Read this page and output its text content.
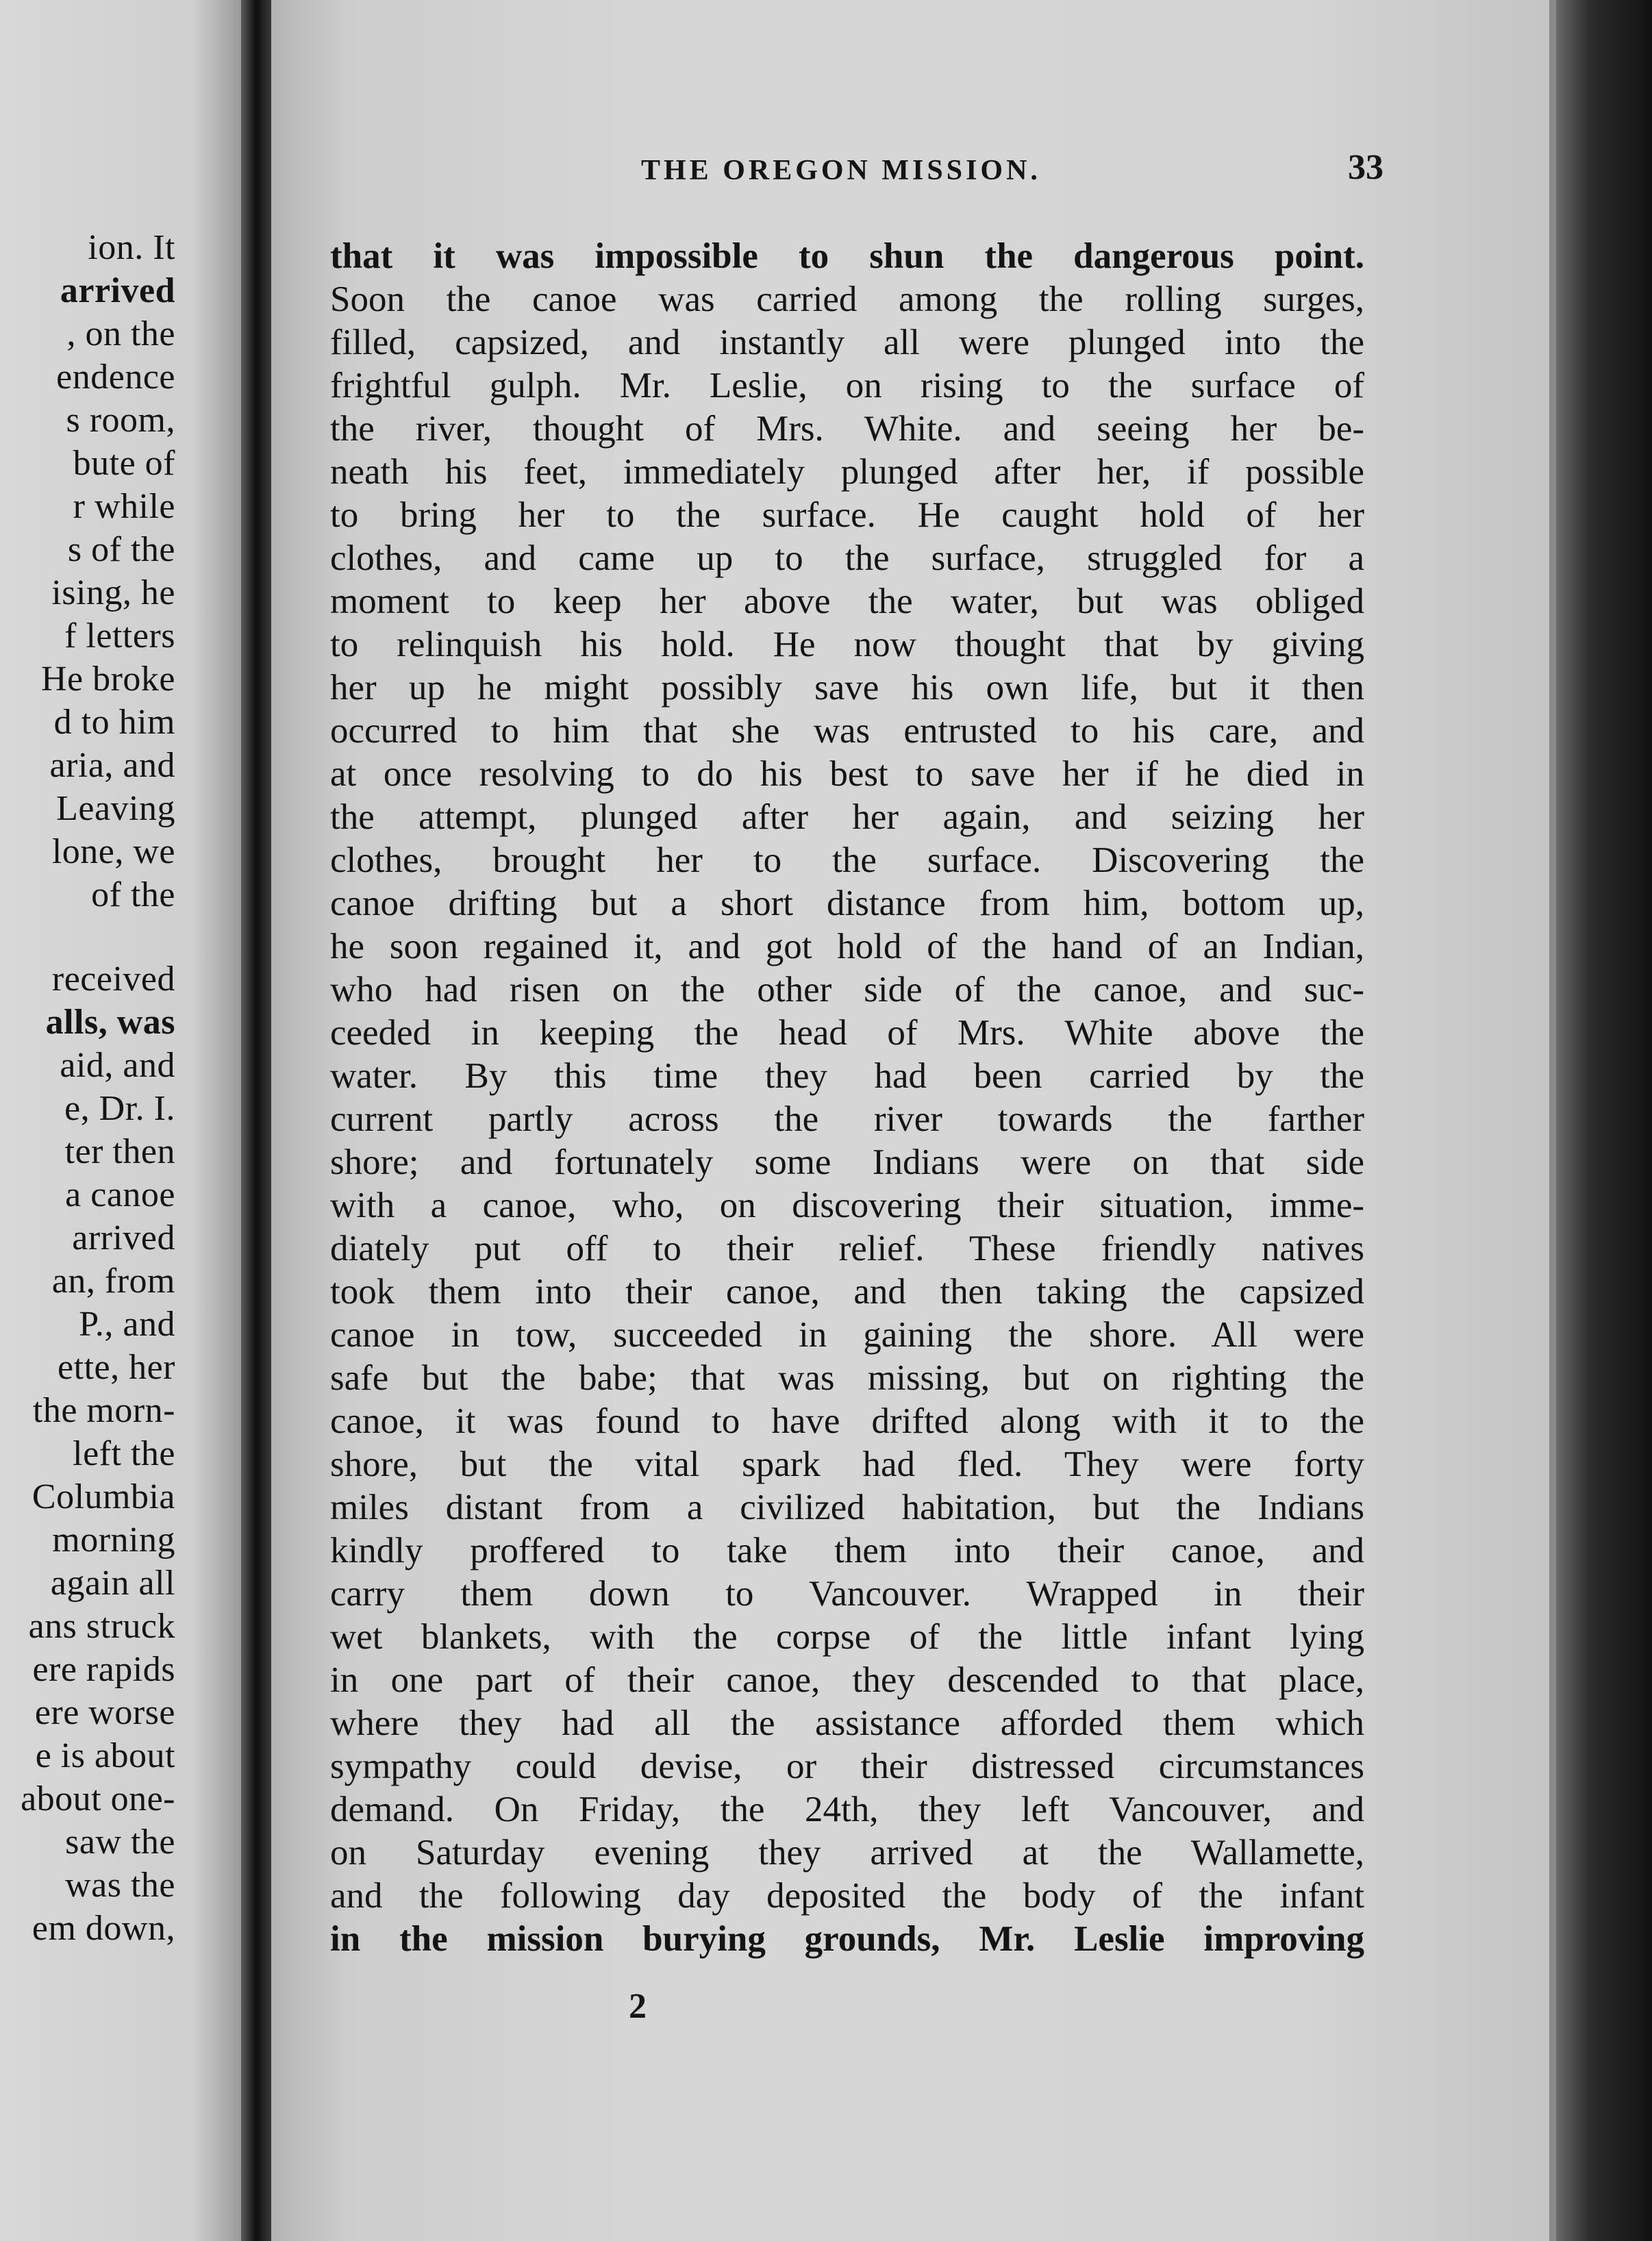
ion. It
arrived
, on the
endence
s room,
bute of
r while
s of the
ising, he
f letters
He broke
d to him
aria, and
Leaving
lone, we
of the
received
alls, was
aid, and
e, Dr. I.
ter then
a canoe
arrived
an, from
P., and
ette, her
the morn-
left the
Columbia
morning
again all
ans struck
ere rapids
ere worse
e is about
about one-
saw the
was the
em down,
THE OREGON MISSION.	33
that it was impossible to shun the dangerous point.
Soon the canoe was carried among the rolling surges,
filled, capsized, and instantly all were plunged into the
frightful gulph. Mr. Leslie, on rising to the surface of
the river, thought of Mrs. White. and seeing her be-
neath his feet, immediately plunged after her, if possible
to bring her to the surface. He caught hold of her
clothes, and came up to the surface, struggled for a
moment to keep her above the water, but was obliged
to relinquish his hold. He now thought that by giving
her up he might possibly save his own life, but it then
occurred to him that she was entrusted to his care, and
at once resolving to do his best to save her if he died in
the attempt, plunged after her again, and seizing her
clothes, brought her to the surface. Discovering the
canoe drifting but a short distance from him, bottom up,
he soon regained it, and got hold of the hand of an Indian,
who had risen on the other side of the canoe, and suc-
ceeded in keeping the head of Mrs. White above the
water. By this time they had been carried by the
current partly across the river towards the farther
shore; and fortunately some Indians were on that side
with a canoe, who, on discovering their situation, imme-
diately put off to their relief. These friendly natives
took them into their canoe, and then taking the capsized
canoe in tow, succeeded in gaining the shore. All were
safe but the babe; that was missing, but on righting the
canoe, it was found to have drifted along with it to the
shore, but the vital spark had fled. They were forty
miles distant from a civilized habitation, but the Indians
kindly proffered to take them into their canoe, and
carry them down to Vancouver. Wrapped in their
wet blankets, with the corpse of the little infant lying
in one part of their canoe, they descended to that place,
where they had all the assistance afforded them which
sympathy could devise, or their distressed circumstances
demand. On Friday, the 24th, they left Vancouver, and
on Saturday evening they arrived at the Wallamette,
and the following day deposited the body of the infant
in the mission burying grounds, Mr. Leslie improving
2
